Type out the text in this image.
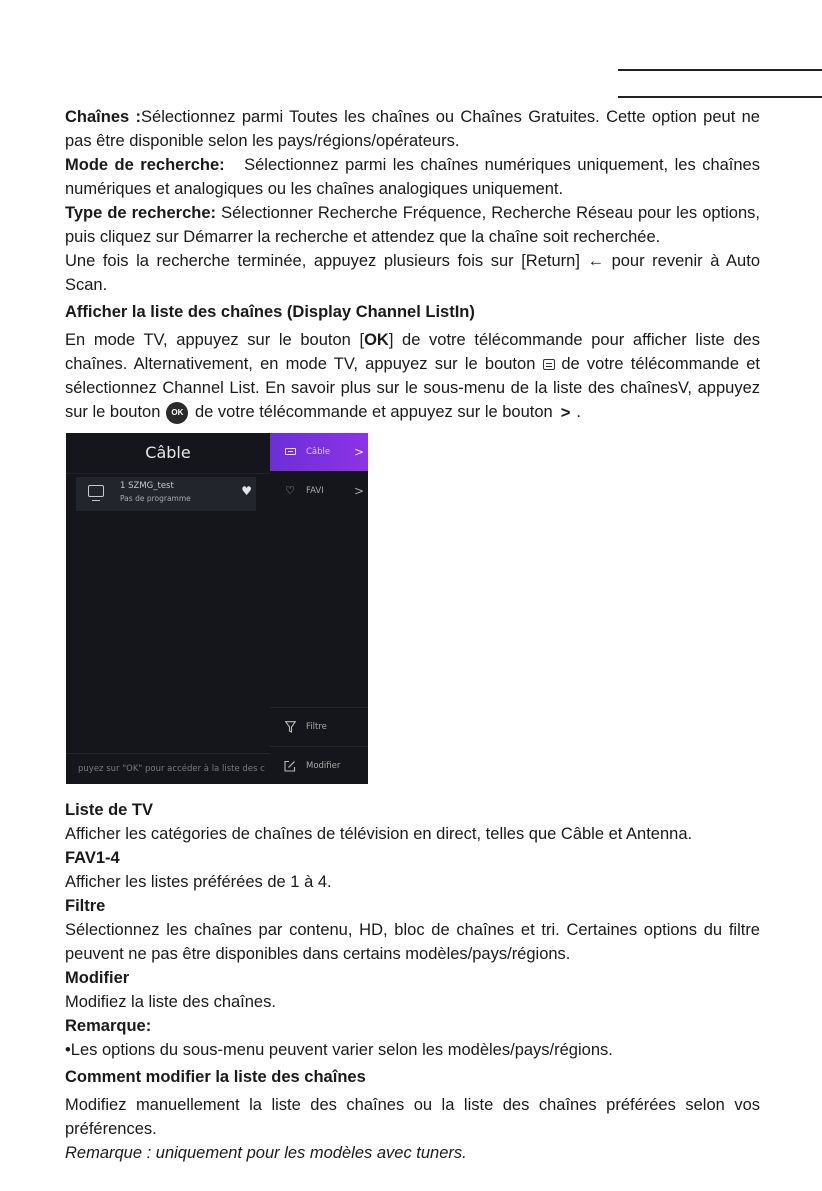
Chaînes :Sélectionnez parmi Toutes les chaînes ou Chaînes Gratuites. Cette option peut ne pas être disponible selon les pays/régions/opérateurs.

Mode de recherche: Sélectionnez parmi les chaînes numériques uniquement, les chaînes numériques et analogiques ou les chaînes analogiques uniquement.

Type de recherche: Sélectionner Recherche Fréquence, Recherche Réseau pour les options, puis cliquez sur Démarrer la recherche et attendez que la chaîne soit recherchée.

Une fois la recherche terminée, appuyez plusieurs fois sur [Return] ← pour revenir à Auto Scan.

Afficher la liste des chaînes (Display Channel ListIn)

En mode TV, appuyez sur le bouton [OK] de votre télécommande pour afficher liste des chaînes. Alternativement, en mode TV, appuyez sur le bouton de votre télécommande et sélectionnez Channel List. En savoir plus sur le sous-menu de la liste des chaînesV, appuyez sur le bouton OK de votre télécommande et appuyez sur le bouton > .

Câble
1 SZMG_test
Pas de programme
♥
puyez sur "OK" pour accéder à la liste des c
Câble >
♡	FAVI	>
Filtre
Modifier

Liste de TV

Afficher les catégories de chaînes de télévision en direct, telles que Câble et Antenna.

FAV1-4

Afficher les listes préférées de 1 à 4.

Filtre

Sélectionnez les chaînes par contenu, HD, bloc de chaînes et tri. Certaines options du filtre peuvent ne pas être disponibles dans certains modèles/pays/régions.

Modifier

Modifiez la liste des chaînes.

Remarque:

•Les options du sous-menu peuvent varier selon les modèles/pays/régions.

Comment modifier la liste des chaînes

Modifiez manuellement la liste des chaînes ou la liste des chaînes préférées selon vos préférences.

Remarque : uniquement pour les modèles avec tuners.
